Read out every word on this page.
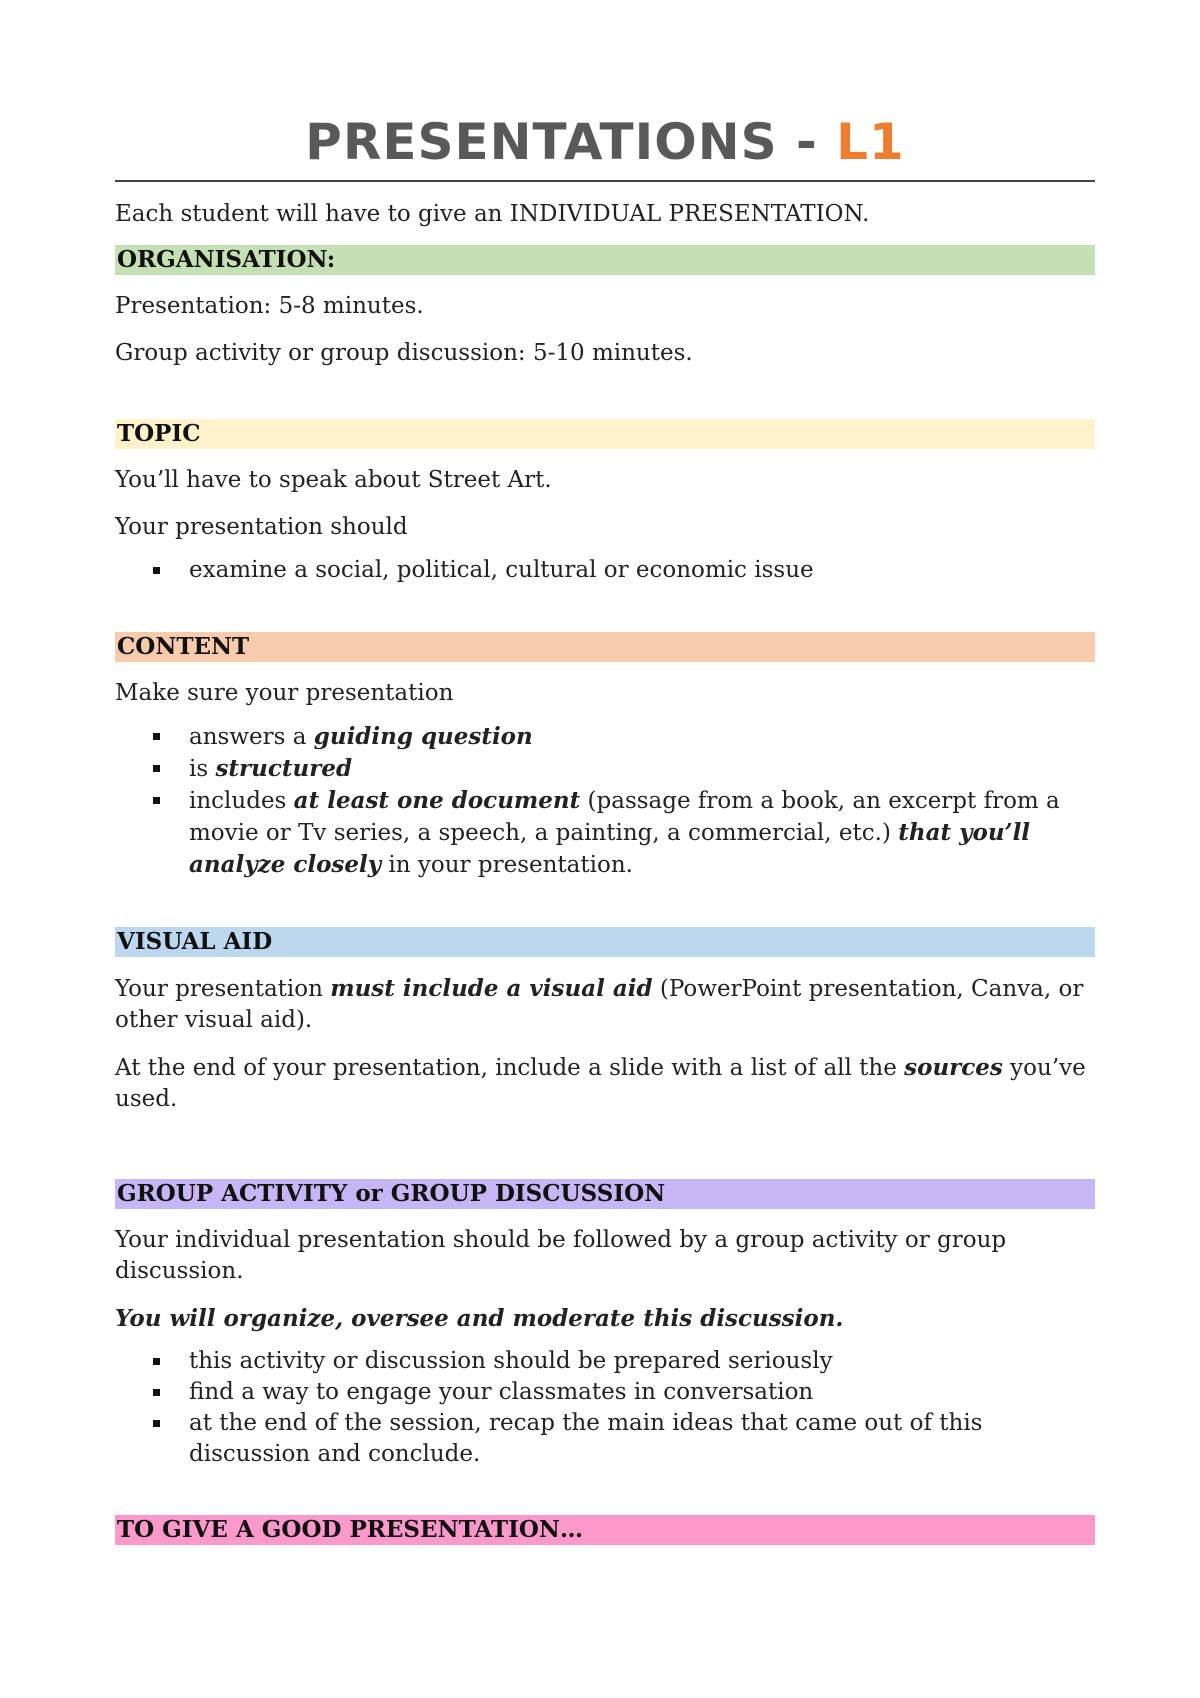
PRESENTATIONS - L1

Each student will have to give an INDIVIDUAL PRESENTATION.

ORGANISATION:

Presentation: 5-8 minutes.

Group activity or group discussion: 5-10 minutes.

TOPIC

You’ll have to speak about Street Art.

Your presentation should

examine a social, political, cultural or economic issue
CONTENT

Make sure your presentation

answers a guiding question
is structured
includes at least one document (passage from a book, an excerpt from a movie or Tv series, a speech, a painting, a commercial, etc.) that you’ll analyze closely in your presentation.
VISUAL AID

Your presentation must include a visual aid (PowerPoint presentation, Canva, or other visual aid).

At the end of your presentation, include a slide with a list of all the sources you’ve used.

GROUP ACTIVITY or GROUP DISCUSSION

Your individual presentation should be followed by a group activity or group discussion.

You will organize, oversee and moderate this discussion.

this activity or discussion should be prepared seriously
find a way to engage your classmates in conversation
at the end of the session, recap the main ideas that came out of this discussion and conclude.
TO GIVE A GOOD PRESENTATION…
